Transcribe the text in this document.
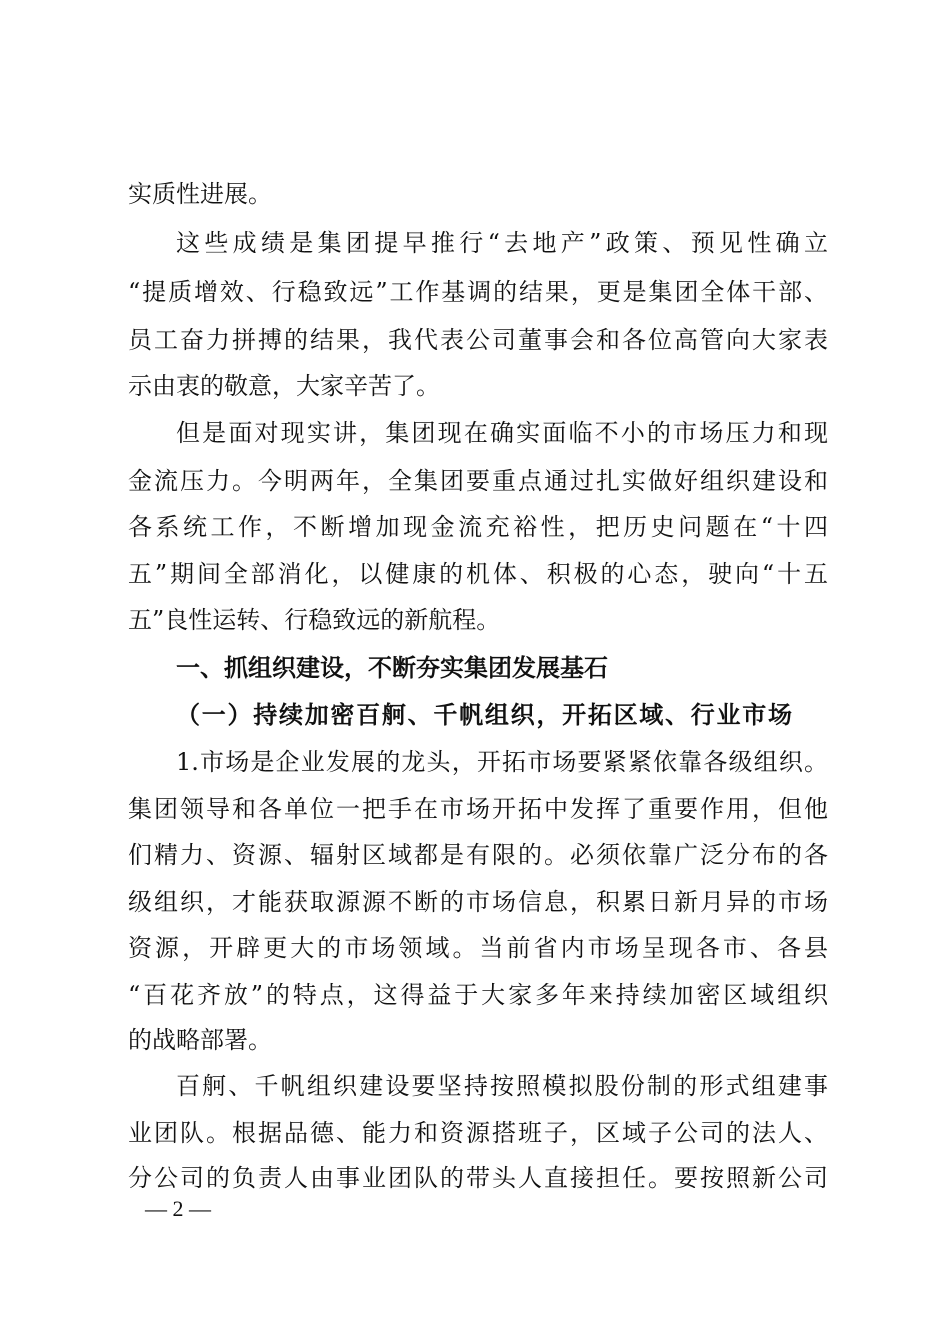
实质性进展。
这些成绩是集团提早推行“去地产”政策、预见性确立
“提质增效、行稳致远”工作基调的结果，更是集团全体干部、
员工奋力拼搏的结果，我代表公司董事会和各位高管向大家表
示由衷的敬意，大家辛苦了。
但是面对现实讲，集团现在确实面临不小的市场压力和现
金流压力。今明两年，全集团要重点通过扎实做好组织建设和
各系统工作，不断增加现金流充裕性，把历史问题在“十四
五”期间全部消化，以健康的机体、积极的心态，驶向“十五
五”良性运转、行稳致远的新航程。
一、抓组织建设，不断夯实集团发展基石
（一）持续加密百舸、千帆组织，开拓区域、行业市场
1.市场是企业发展的龙头，开拓市场要紧紧依靠各级组织。
集团领导和各单位一把手在市场开拓中发挥了重要作用，但他
们精力、资源、辐射区域都是有限的。必须依靠广泛分布的各
级组织，才能获取源源不断的市场信息，积累日新月异的市场
资源，开辟更大的市场领域。当前省内市场呈现各市、各县
“百花齐放”的特点，这得益于大家多年来持续加密区域组织
的战略部署。
百舸、千帆组织建设要坚持按照模拟股份制的形式组建事
业团队。根据品德、能力和资源搭班子，区域子公司的法人、
分公司的负责人由事业团队的带头人直接担任。要按照新公司
— 2 —
